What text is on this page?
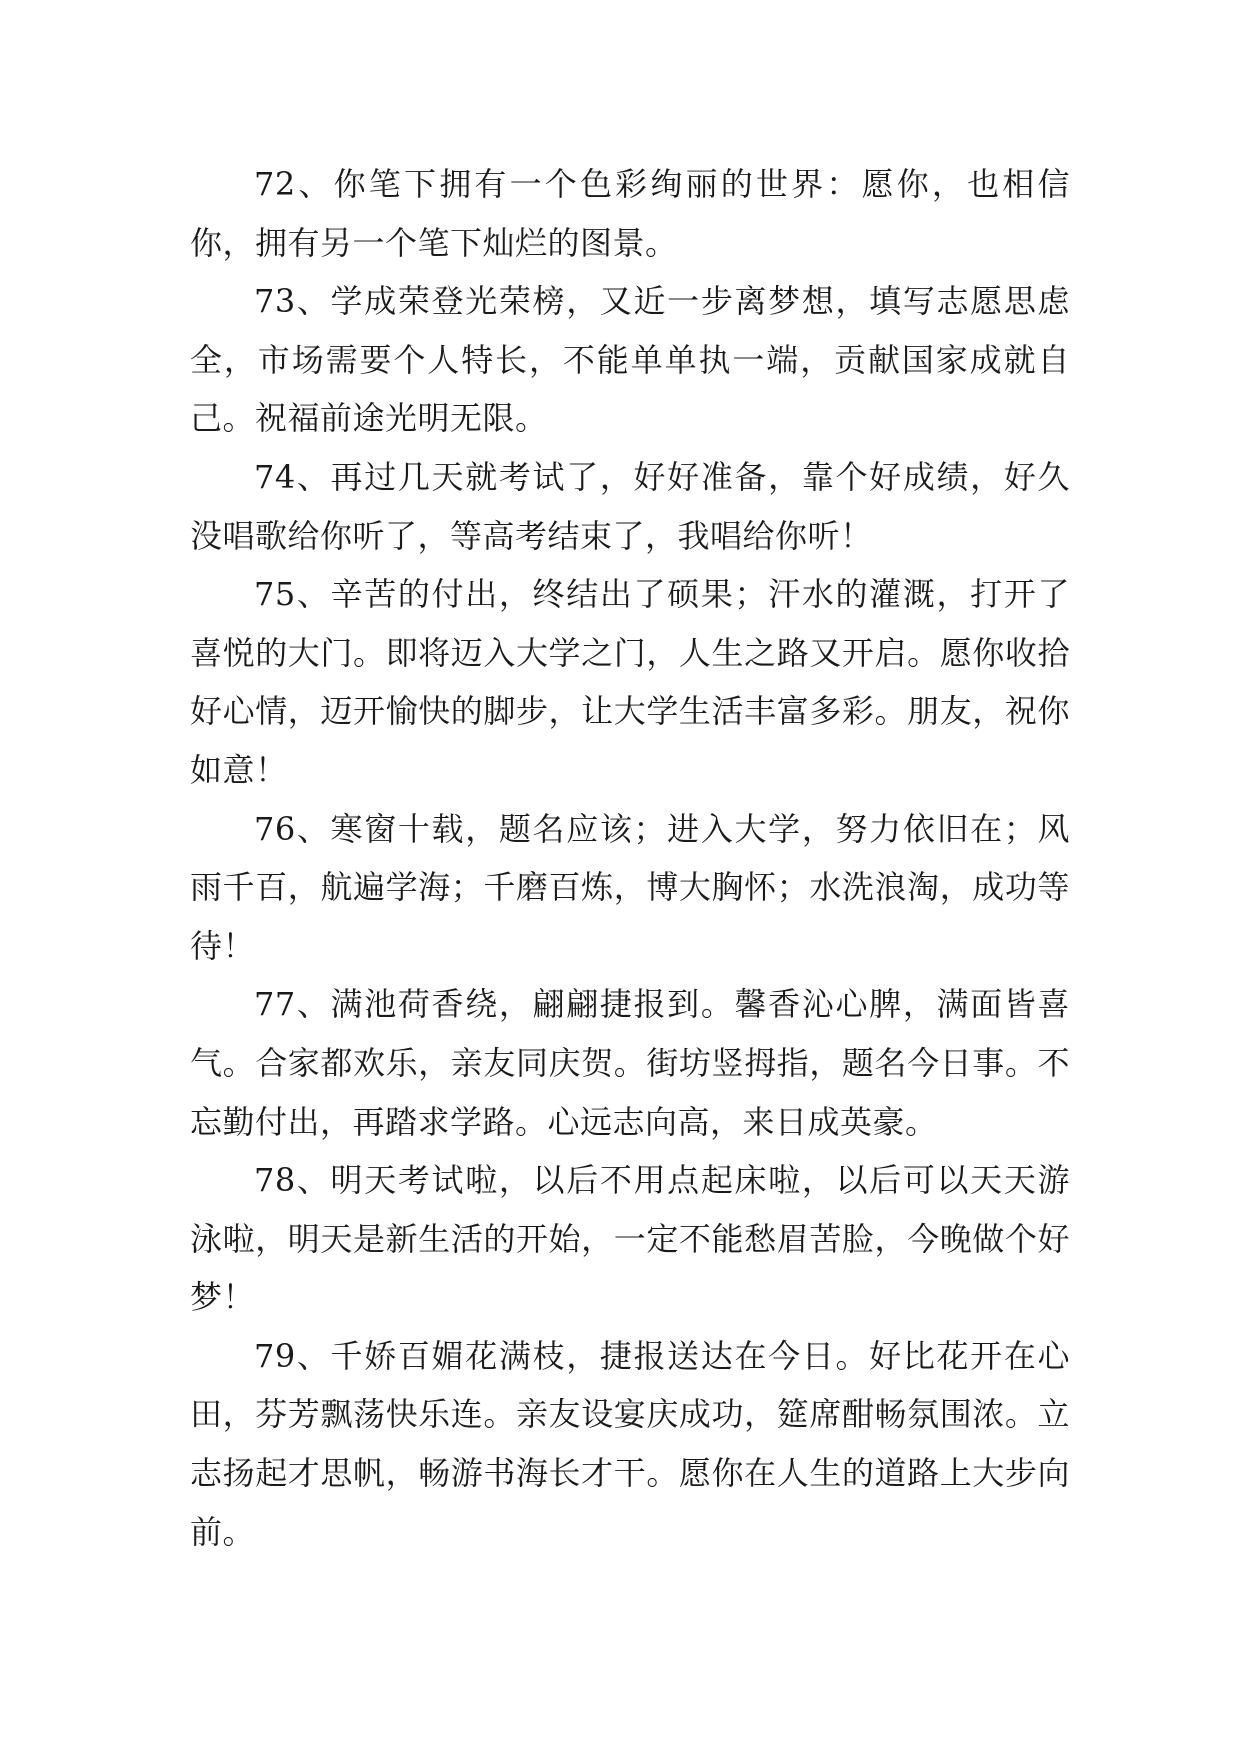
72、你笔下拥有一个色彩绚丽的世界：愿你，也相信你，拥有另一个笔下灿烂的图景。

73、学成荣登光荣榜，又近一步离梦想，填写志愿思虑全，市场需要个人特长，不能单单执一端，贡献国家成就自己。祝福前途光明无限。

74、再过几天就考试了，好好准备，靠个好成绩，好久没唱歌给你听了，等高考结束了，我唱给你听！

75、辛苦的付出，终结出了硕果；汗水的灌溉，打开了喜悦的大门。即将迈入大学之门，人生之路又开启。愿你收拾好心情，迈开愉快的脚步，让大学生活丰富多彩。朋友，祝你如意！

76、寒窗十载，题名应该；进入大学，努力依旧在；风雨千百，航遍学海；千磨百炼，博大胸怀；水洗浪淘，成功等待！

77、满池荷香绕，翩翩捷报到。馨香沁心脾，满面皆喜气。合家都欢乐，亲友同庆贺。街坊竖拇指，题名今日事。不忘勤付出，再踏求学路。心远志向高，来日成英豪。

78、明天考试啦，以后不用点起床啦，以后可以天天游泳啦，明天是新生活的开始，一定不能愁眉苦脸，今晚做个好梦！

79、千娇百媚花满枝，捷报送达在今日。好比花开在心田，芬芳飘荡快乐连。亲友设宴庆成功，筵席酣畅氛围浓。立志扬起才思帆，畅游书海长才干。愿你在人生的道路上大步向前。
